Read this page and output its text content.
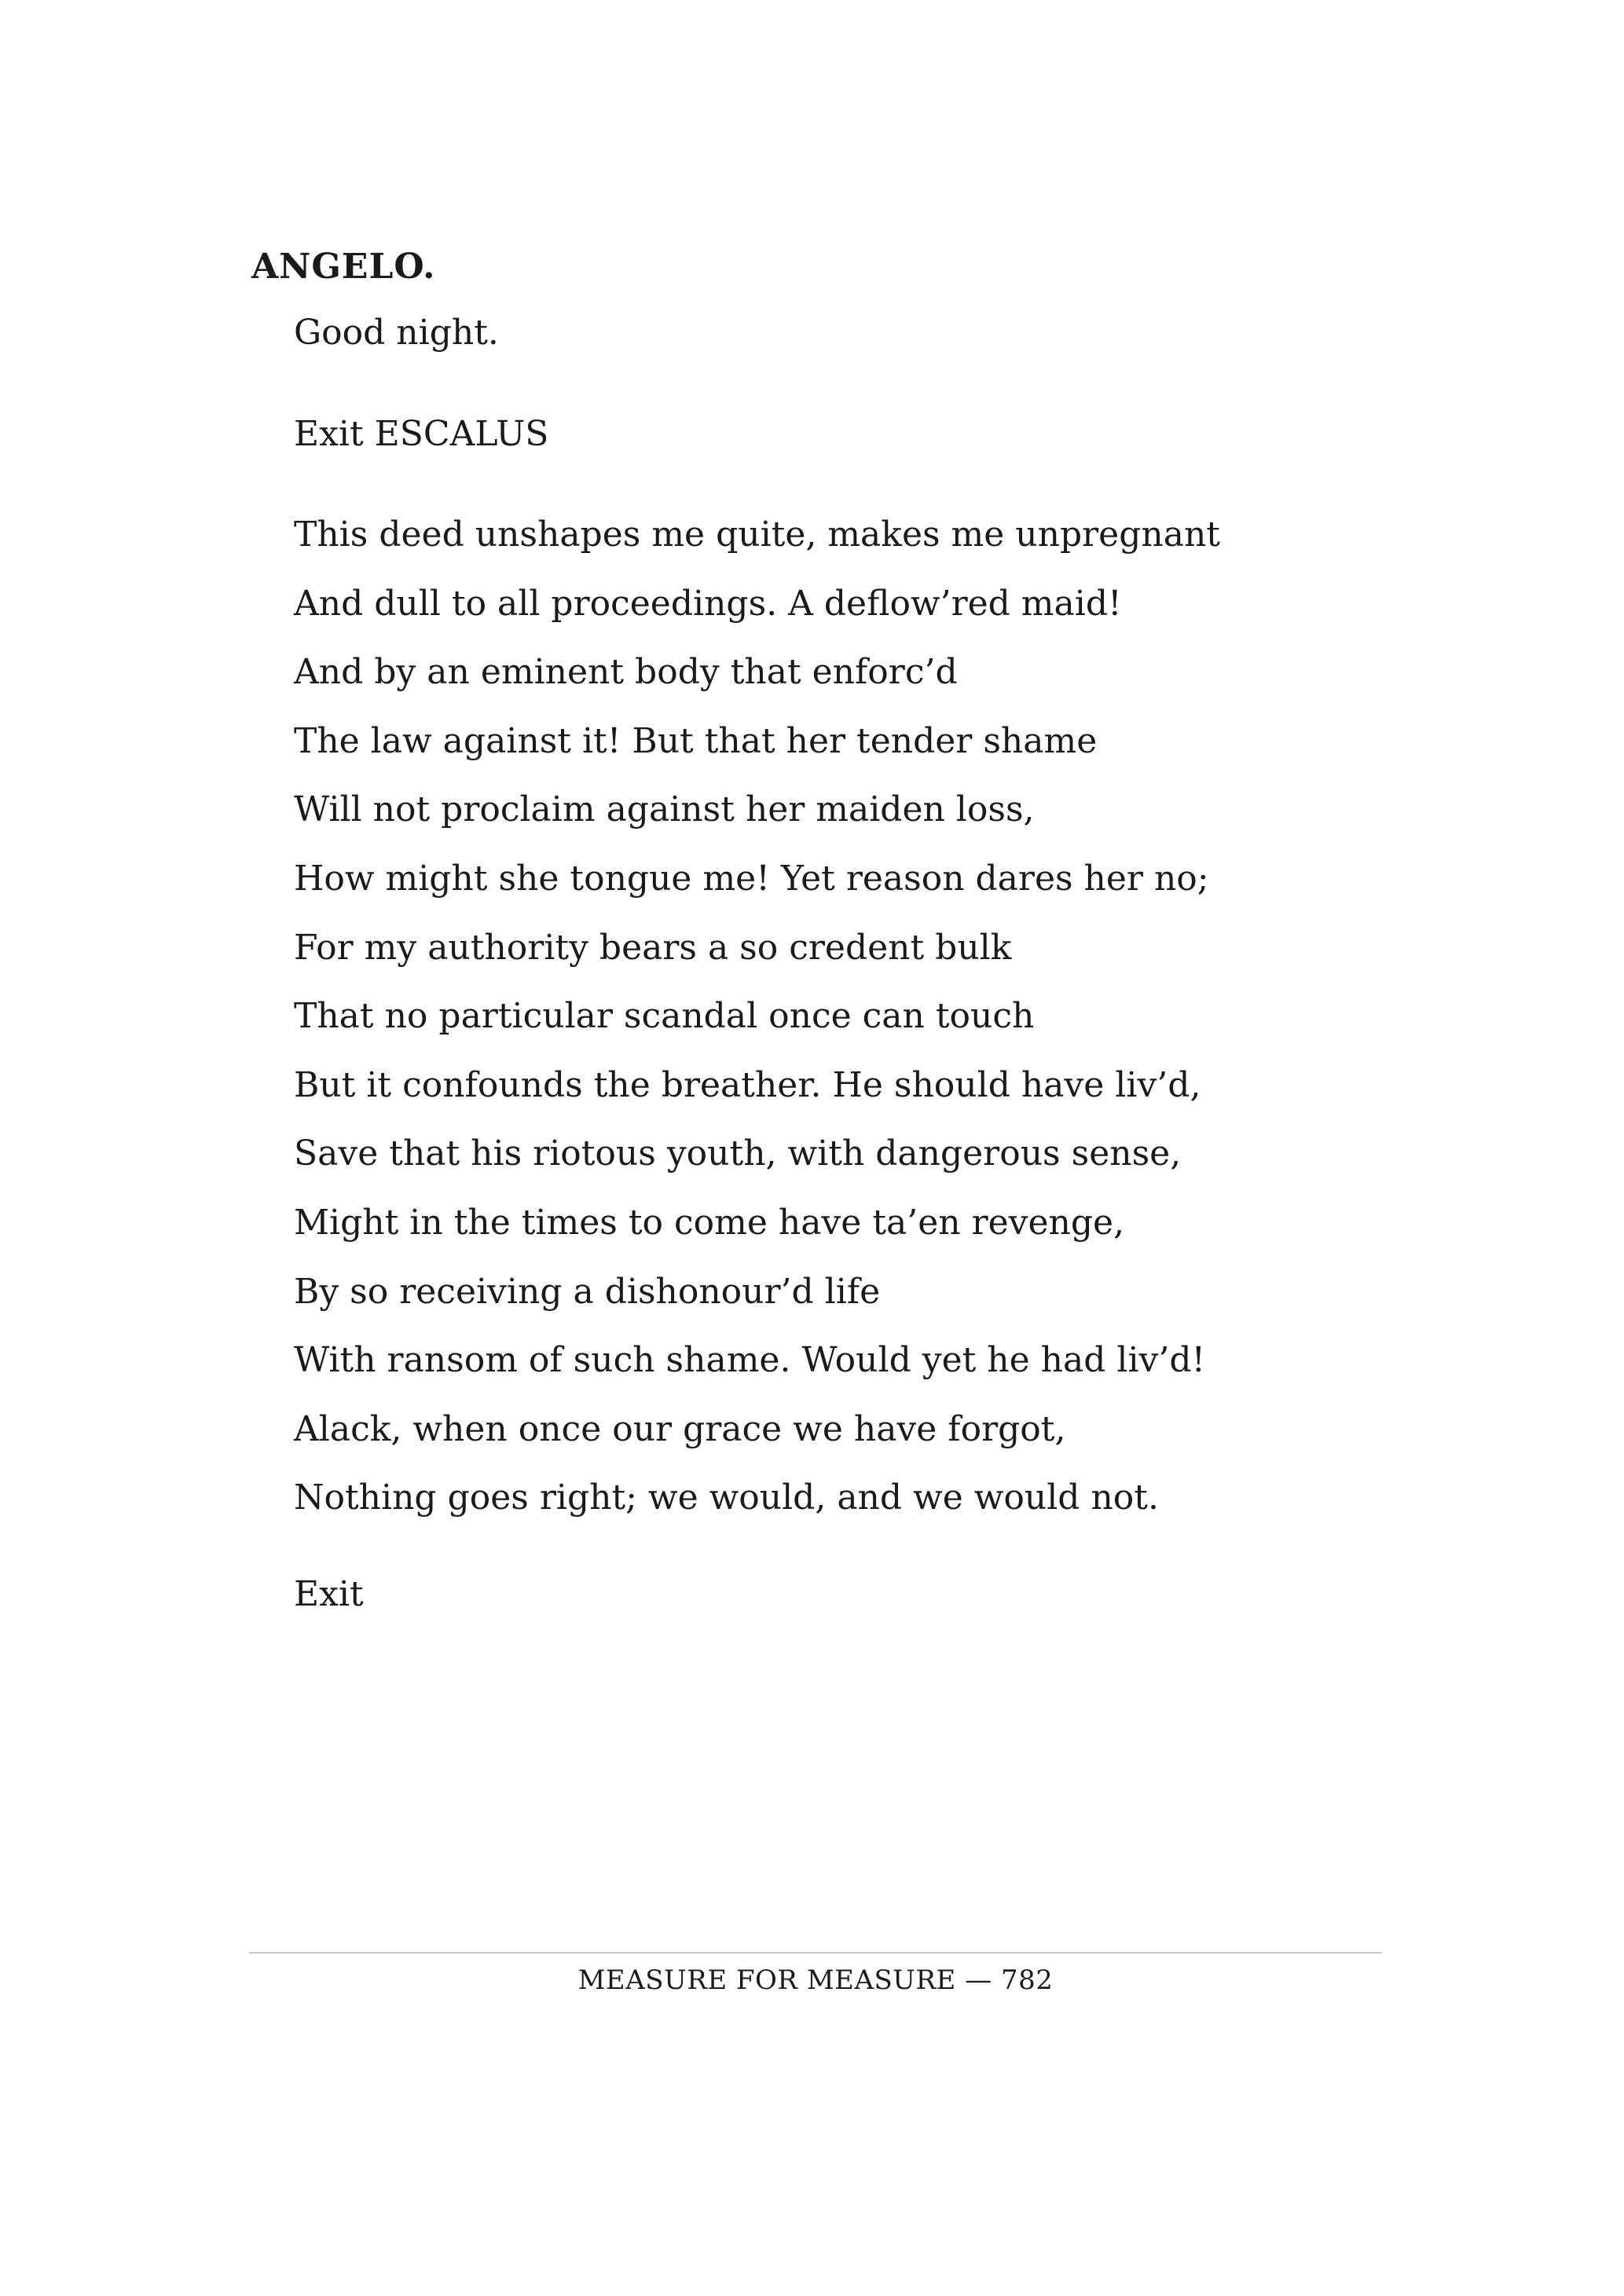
ANGELO.

Good night.

Exit ESCALUS

This deed unshapes me quite, makes me unpregnant
And dull to all proceedings. A deflow’red maid!
And by an eminent body that enforc’d
The law against it! But that her tender shame
Will not proclaim against her maiden loss,
How might she tongue me! Yet reason dares her no;
For my authority bears a so credent bulk
That no particular scandal once can touch
But it confounds the breather. He should have liv’d,
Save that his riotous youth, with dangerous sense,
Might in the times to come have ta’en revenge,
By so receiving a dishonour’d life
With ransom of such shame. Would yet he had liv’d!
Alack, when once our grace we have forgot,
Nothing goes right; we would, and we would not.

Exit

MEASURE FOR MEASURE — 782
